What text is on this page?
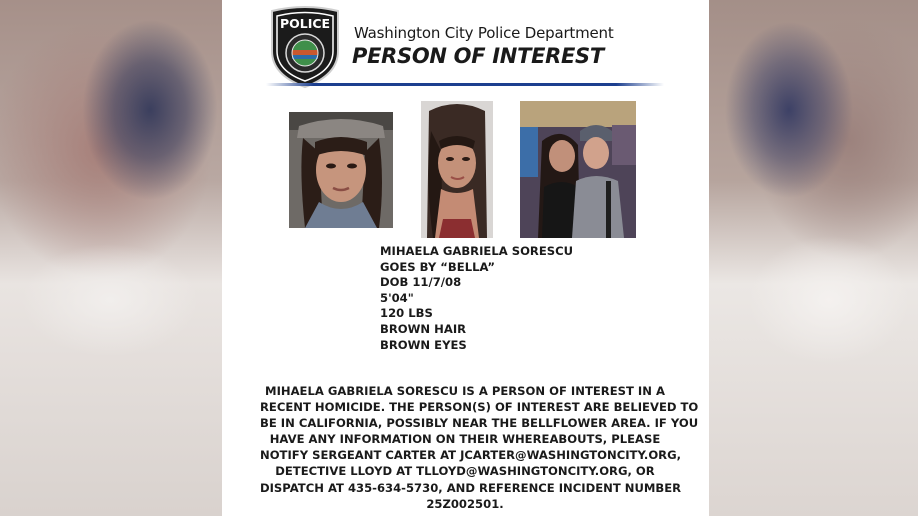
POLICE
Washington City Police Department
PERSON OF INTEREST
MIHAELA GABRIELA SORESCU
GOES BY “BELLA”
DOB 11/7/08
5'04"
120 LBS
BROWN HAIR
BROWN EYES
MIHAELA GABRIELA SORESCU IS A PERSON OF INTEREST IN A
RECENT HOMICIDE. THE PERSON(S) OF INTEREST ARE BELIEVED TO
BE IN CALIFORNIA, POSSIBLY NEAR THE BELLFLOWER AREA. IF YOU
HAVE ANY INFORMATION ON THEIR WHEREABOUTS, PLEASE
NOTIFY SERGEANT CARTER AT JCARTER@WASHINGTONCITY.ORG,
DETECTIVE LLOYD AT TLLOYD@WASHINGTONCITY.ORG, OR
DISPATCH AT 435-634-5730, AND REFERENCE INCIDENT NUMBER
25Z002501.
